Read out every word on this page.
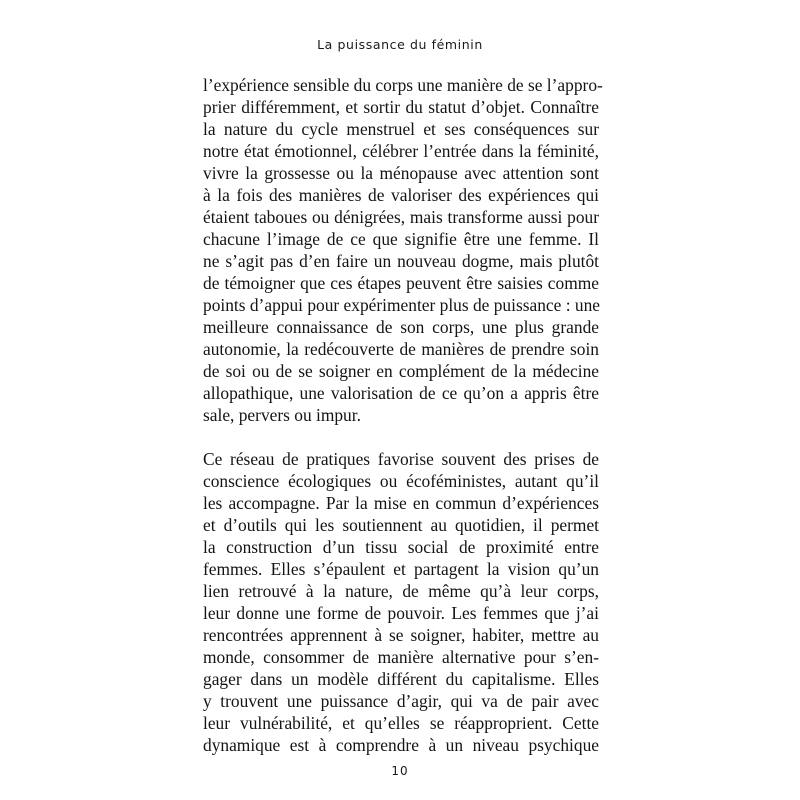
La puissance du féminin

l’expérience sensible du corps une manière de se l’appro-
prier différemment, et sortir du statut d’objet. Connaître
la nature du cycle menstruel et ses conséquences sur
notre état émotionnel, célébrer l’entrée dans la féminité,
vivre la grossesse ou la ménopause avec attention sont
à la fois des manières de valoriser des expériences qui
étaient taboues ou dénigrées, mais transforme aussi pour
chacune l’image de ce que signifie être une femme. Il
ne s’agit pas d’en faire un nouveau dogme, mais plutôt
de témoigner que ces étapes peuvent être saisies comme
points d’appui pour expérimenter plus de puissance : une
meilleure connaissance de son corps, une plus grande
autonomie, la redécouverte de manières de prendre soin
de soi ou de se soigner en complément de la médecine
allopathique, une valorisation de ce qu’on a appris être
sale, pervers ou impur.

Ce réseau de pratiques favorise souvent des prises de
conscience écologiques ou écoféministes, autant qu’il
les accompagne. Par la mise en commun d’expériences
et d’outils qui les soutiennent au quotidien, il permet
la construction d’un tissu social de proximité entre
femmes. Elles s’épaulent et partagent la vision qu’un
lien retrouvé à la nature, de même qu’à leur corps,
leur donne une forme de pouvoir. Les femmes que j’ai
rencontrées apprennent à se soigner, habiter, mettre au
monde, consommer de manière alternative pour s’en-
gager dans un modèle différent du capitalisme. Elles
y trouvent une puissance d’agir, qui va de pair avec
leur vulnérabilité, et qu’elles se réapproprient. Cette
dynamique est à comprendre à un niveau psychique

10
